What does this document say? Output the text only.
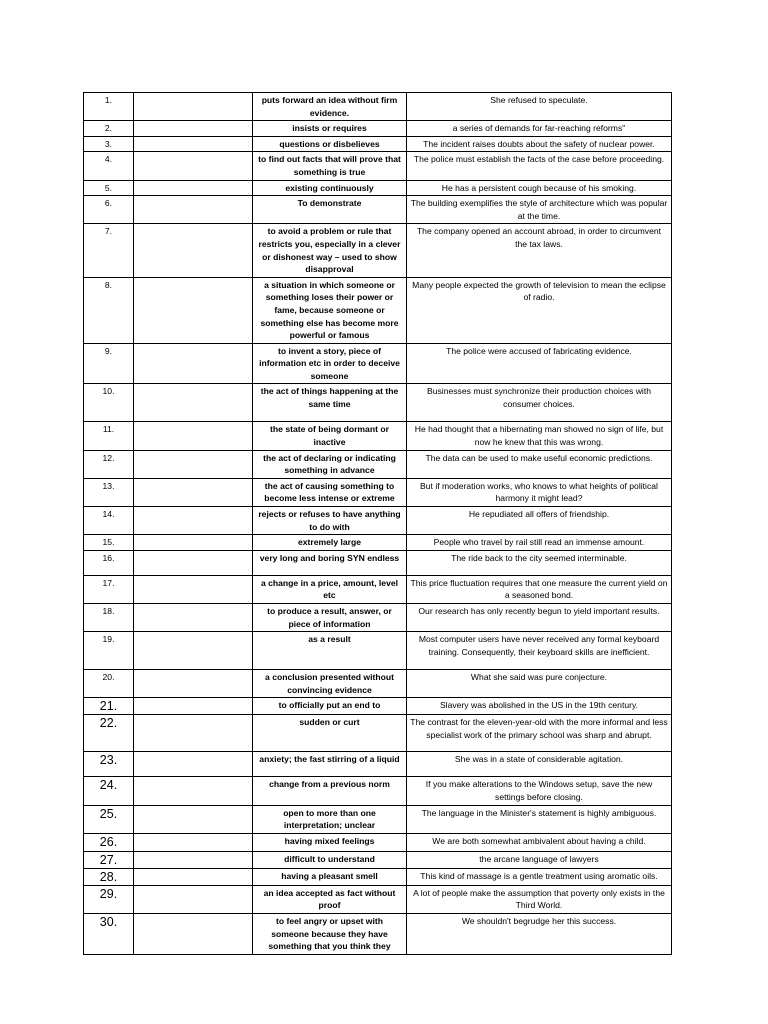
1.		puts forward an idea without firm evidence.	She refused to speculate.
2.		insists or requires	a series of demands for far-reaching reforms"
3.		questions or disbelieves	The incident raises doubts about the safety of nuclear power.
4.		to find out facts that will prove that something is true	The police must establish the facts of the case before proceeding.
5.		existing continuously	He has a persistent cough because of his smoking.
6.		To demonstrate	The building exemplifies the style of architecture which was popular at the time.
7.		to avoid a problem or rule that restricts you, especially in a clever or dishonest way – used to show disapproval	The company opened an account abroad, in order to circumvent the tax laws.
8.		a situation in which someone or something loses their power or fame, because someone or something else has become more powerful or famous	Many people expected the growth of television to mean the eclipse of radio.
9.		to invent a story, piece of information etc in order to deceive someone	The police were accused of fabricating evidence.
10.		the act of things happening at the same time	Businesses must synchronize their production choices with consumer choices.
11.		the state of being dormant or inactive	He had thought that a hibernating man showed no sign of life, but now he knew that this was wrong.
12.		the act of declaring or indicating something in advance	The data can be used to make useful economic predictions.
13.		the act of causing something to become less intense or extreme	But if moderation works, who knows to what heights of political harmony it might lead?
14.		rejects or refuses to have anything to do with	He repudiated all offers of friendship.
15.		extremely large	People who travel by rail still read an immense amount.
16.		very long and boring SYN endless	The ride back to the city seemed interminable.
17.		a change in a price, amount, level etc	This price fluctuation requires that one measure the current yield on a seasoned bond.
18.		to produce a result, answer, or piece of information	Our research has only recently begun to yield important results.
19.		as a result	Most computer users have never received any formal keyboard training. Consequently, their keyboard skills are inefficient.
20.		a conclusion presented without convincing evidence	What she said was pure conjecture.
21.		to officially put an end to	Slavery was abolished in the US in the 19th century.
22.		sudden or curt	The contrast for the eleven-year-old with the more informal and less specialist work of the primary school was sharp and abrupt.
23.		anxiety; the fast stirring of a liquid	She was in a state of considerable agitation.
24.		change from a previous norm	If you make alterations to the Windows setup, save the new settings before closing.
25.		open to more than one interpretation; unclear	The language in the Minister's statement is highly ambiguous.
26.		having mixed feelings	We are both somewhat ambivalent about having a child.
27.		difficult to understand	the arcane language of lawyers
28.		having a pleasant smell	This kind of massage is a gentle treatment using aromatic oils.
29.		an idea accepted as fact without proof	A lot of people make the assumption that poverty only exists in the Third World.
30.		to feel angry or upset with someone because they have something that you think they	We shouldn't begrudge her this success.
